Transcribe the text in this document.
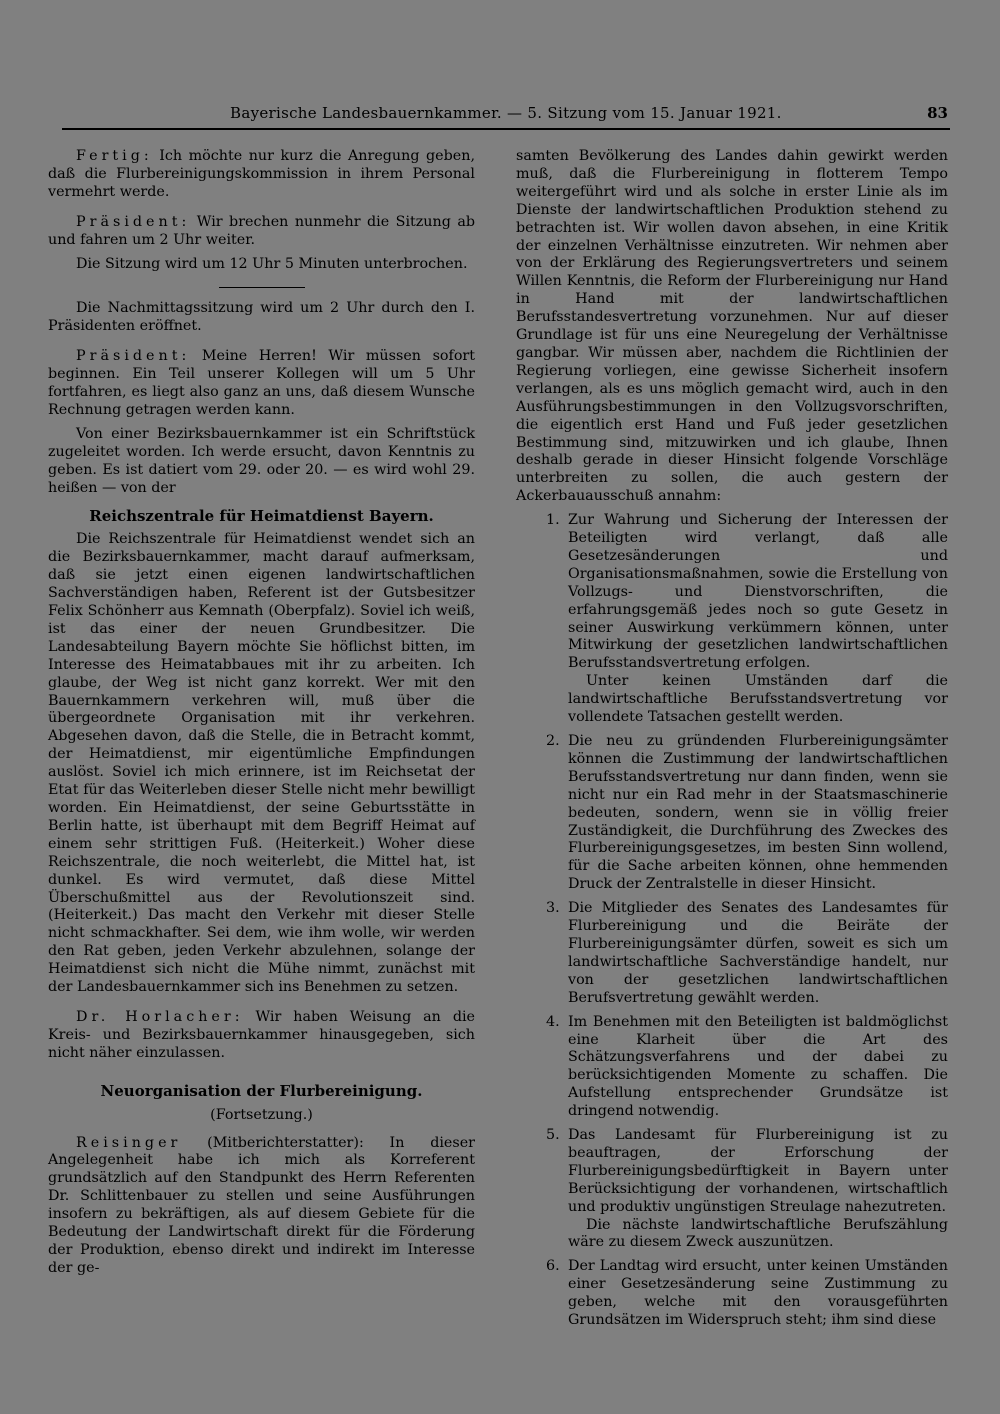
Bayerische Landesbauernkammer. — 5. Sitzung vom 15. Januar 1921.	83

Fertig: Ich möchte nur kurz die Anregung geben, daß die Flurbereinigungskommission in ihrem Personal vermehrt werde.

Präsident: Wir brechen nunmehr die Sitzung ab und fahren um 2 Uhr weiter.

Die Sitzung wird um 12 Uhr 5 Minuten unterbrochen.

Die Nachmittagssitzung wird um 2 Uhr durch den I. Präsidenten eröffnet.

Präsident: Meine Herren! Wir müssen sofort beginnen. Ein Teil unserer Kollegen will um 5 Uhr fortfahren, es liegt also ganz an uns, daß diesem Wunsche Rechnung getragen werden kann.

Von einer Bezirksbauernkammer ist ein Schriftstück zugeleitet worden. Ich werde ersucht, davon Kenntnis zu geben. Es ist datiert vom 29. oder 20. — es wird wohl 29. heißen — von der

Reichszentrale für Heimatdienst Bayern.

Die Reichszentrale für Heimatdienst wendet sich an die Bezirksbauernkammer, macht darauf aufmerksam, daß sie jetzt einen eigenen landwirtschaftlichen Sachverständigen haben, Referent ist der Gutsbesitzer Felix Schönherr aus Kemnath (Oberpfalz). Soviel ich weiß, ist das einer der neuen Grundbesitzer. Die Landesabteilung Bayern möchte Sie höflichst bitten, im Interesse des Heimatabbaues mit ihr zu arbeiten. Ich glaube, der Weg ist nicht ganz korrekt. Wer mit den Bauernkammern verkehren will, muß über die übergeordnete Organisation mit ihr verkehren. Abgesehen davon, daß die Stelle, die in Betracht kommt, der Heimatdienst, mir eigentümliche Empfindungen auslöst. Soviel ich mich erinnere, ist im Reichsetat der Etat für das Weiterleben dieser Stelle nicht mehr bewilligt worden. Ein Heimatdienst, der seine Geburtsstätte in Berlin hatte, ist überhaupt mit dem Begriff Heimat auf einem sehr strittigen Fuß. (Heiterkeit.) Woher diese Reichszentrale, die noch weiterlebt, die Mittel hat, ist dunkel. Es wird vermutet, daß diese Mittel Überschußmittel aus der Revolutionszeit sind. (Heiterkeit.) Das macht den Verkehr mit dieser Stelle nicht schmackhafter. Sei dem, wie ihm wolle, wir werden den Rat geben, jeden Verkehr abzulehnen, solange der Heimatdienst sich nicht die Mühe nimmt, zunächst mit der Landesbauernkammer sich ins Benehmen zu setzen.

Dr. Horlacher: Wir haben Weisung an die Kreis- und Bezirksbauernkammer hinausgegeben, sich nicht näher einzulassen.

Neuorganisation der Flurbereinigung.
(Fortsetzung.)

Reisinger (Mitberichterstatter): In dieser Angelegenheit habe ich mich als Korreferent grundsätzlich auf den Standpunkt des Herrn Referenten Dr. Schlittenbauer zu stellen und seine Ausführungen insofern zu bekräftigen, als auf diesem Gebiete für die Bedeutung der Landwirtschaft direkt für die Förderung der Produktion, ebenso direkt und indirekt im Interesse der ge-

samten Bevölkerung des Landes dahin gewirkt werden muß, daß die Flurbereinigung in flotterem Tempo weitergeführt wird und als solche in erster Linie als im Dienste der landwirtschaftlichen Produktion stehend zu betrachten ist. Wir wollen davon absehen, in eine Kritik der einzelnen Verhältnisse einzutreten. Wir nehmen aber von der Erklärung des Regierungsvertreters und seinem Willen Kenntnis, die Reform der Flurbereinigung nur Hand in Hand mit der landwirtschaftlichen Berufsstandesvertretung vorzunehmen. Nur auf dieser Grundlage ist für uns eine Neuregelung der Verhältnisse gangbar. Wir müssen aber, nachdem die Richtlinien der Regierung vorliegen, eine gewisse Sicherheit insofern verlangen, als es uns möglich gemacht wird, auch in den Ausführungsbestimmungen in den Vollzugsvorschriften, die eigentlich erst Hand und Fuß jeder gesetzlichen Bestimmung sind, mitzuwirken und ich glaube, Ihnen deshalb gerade in dieser Hinsicht folgende Vorschläge unterbreiten zu sollen, die auch gestern der Ackerbauausschuß annahm:

1. Zur Wahrung und Sicherung der Interessen der Beteiligten wird verlangt, daß alle Gesetzesänderungen und Organisationsmaßnahmen, sowie die Erstellung von Vollzugs- und Dienstvorschriften, die erfahrungsgemäß jedes noch so gute Gesetz in seiner Auswirkung verkümmern können, unter Mitwirkung der gesetzlichen landwirtschaftlichen Berufsstandsvertretung erfolgen.

Unter keinen Umständen darf die landwirtschaftliche Berufsstandsvertretung vor vollendete Tatsachen gestellt werden.

2. Die neu zu gründenden Flurbereinigungsämter können die Zustimmung der landwirtschaftlichen Berufsstandsvertretung nur dann finden, wenn sie nicht nur ein Rad mehr in der Staatsmaschinerie bedeuten, sondern, wenn sie in völlig freier Zuständigkeit, die Durchführung des Zweckes des Flurbereinigungsgesetzes, im besten Sinn wollend, für die Sache arbeiten können, ohne hemmenden Druck der Zentralstelle in dieser Hinsicht.

3. Die Mitglieder des Senates des Landesamtes für Flurbereinigung und die Beiräte der Flurbereinigungsämter dürfen, soweit es sich um landwirtschaftliche Sachverständige handelt, nur von der gesetzlichen landwirtschaftlichen Berufsvertretung gewählt werden.

4. Im Benehmen mit den Beteiligten ist baldmöglichst eine Klarheit über die Art des Schätzungsverfahrens und der dabei zu berücksichtigenden Momente zu schaffen. Die Aufstellung entsprechender Grundsätze ist dringend notwendig.

5. Das Landesamt für Flurbereinigung ist zu beauftragen, der Erforschung der Flurbereinigungsbedürftigkeit in Bayern unter Berücksichtigung der vorhandenen, wirtschaftlich und produktiv ungünstigen Streulage nahezutreten.

Die nächste landwirtschaftliche Berufszählung wäre zu diesem Zweck auszunützen.

6. Der Landtag wird ersucht, unter keinen Umständen einer Gesetzesänderung seine Zustimmung zu geben, welche mit den vorausgeführten Grundsätzen im Widerspruch steht; ihm sind diese
